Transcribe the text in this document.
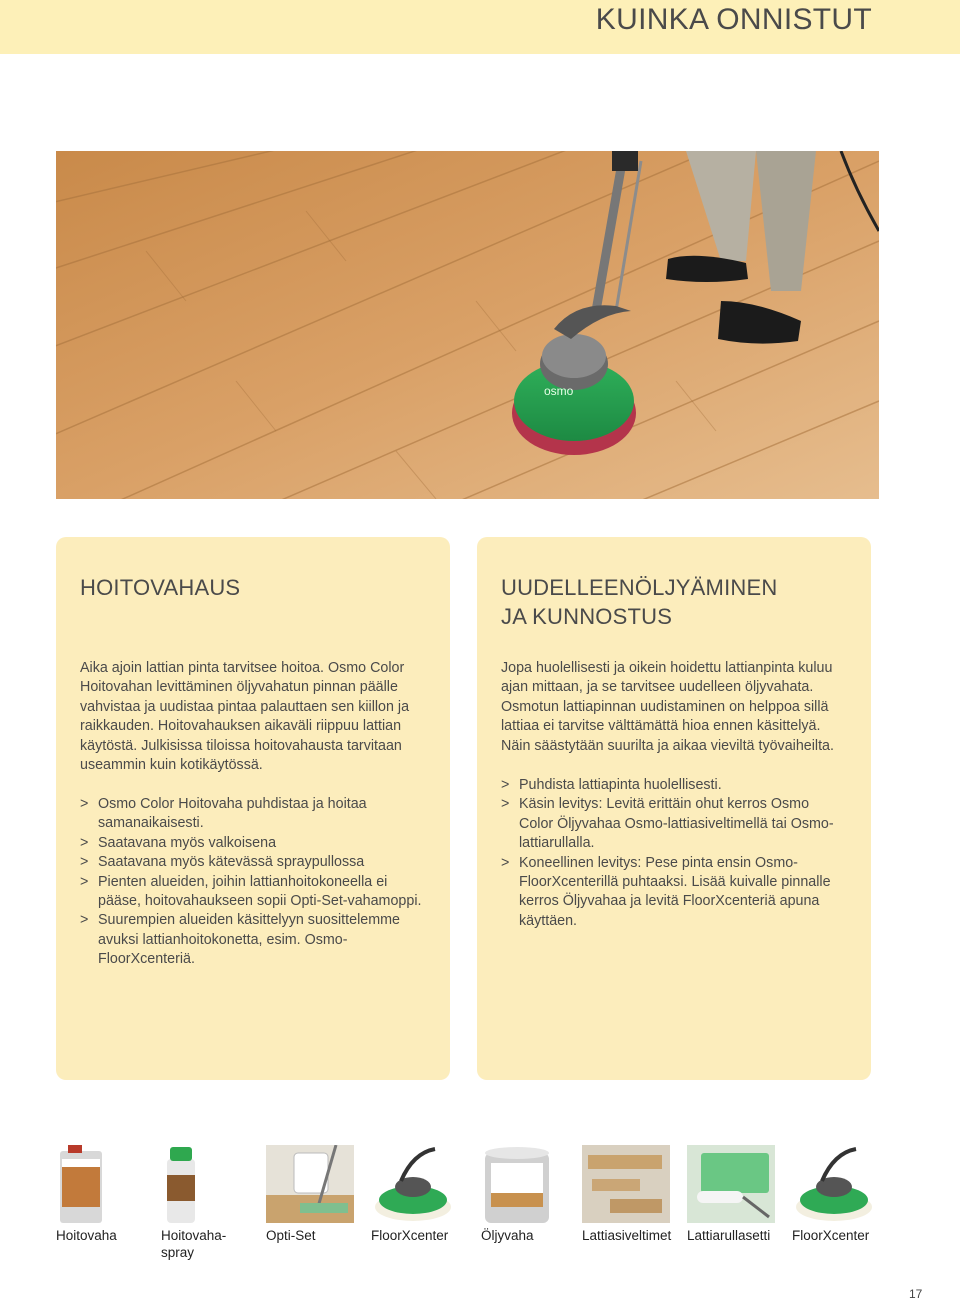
KUINKA ONNISTUT
osmo
HOITOVAHAUS

Aika ajoin lattian pinta tarvitsee hoitoa. Osmo Color Hoitovahan levittäminen öljyvahatun pinnan päälle vahvistaa ja uudistaa pintaa palauttaen sen kiillon ja raikkauden. Hoitovahauksen aikaväli riippuu lattian käytöstä. Julkisissa tiloissa hoitovahausta tarvitaan useammin kuin kotikäytössä.

> Osmo Color Hoitovaha puhdistaa ja hoitaa samanaikaisesti.
> Saatavana myös valkoisena
> Saatavana myös kätevässä spraypullossa
> Pienten alueiden, joihin lattianhoitokoneella ei pääse, hoitovahaukseen sopii Opti-Set-vahamoppi.
> Suurempien alueiden käsittelyyn suosittelemme avuksi lattianhoitokonetta, esim. Osmo-FloorXcenteriä.
UUDELLEENÖLJYÄMINEN
JA KUNNOSTUS

Jopa huolellisesti ja oikein hoidettu lattianpinta kuluu ajan mittaan, ja se tarvitsee uudelleen öljyvahata. Osmotun lattiapinnan uudistaminen on helppoa sillä lattiaa ei tarvitse välttämättä hioa ennen käsittelyä. Näin säästytään suurilta ja aikaa vieviltä työvaiheilta.

> Puhdista lattiapinta huolellisesti.
> Käsin levitys: Levitä erittäin ohut kerros Osmo Color Öljyvahaa Osmo-lattiasiveltimellä tai Osmo-lattiarullalla.
> Koneellinen levitys: Pese pinta ensin Osmo-FloorXcenterillä puhtaaksi. Lisää kuivalle pinnalle kerros Öljyvahaa ja levitä FloorXcenteriä apuna käyttäen.
Hoitovaha	Hoitovaha-
spray
Opti-Set	FloorXcenter	Öljyvaha	Lattiasiveltimet	Lattiarullasetti	FloorXcenter
17
